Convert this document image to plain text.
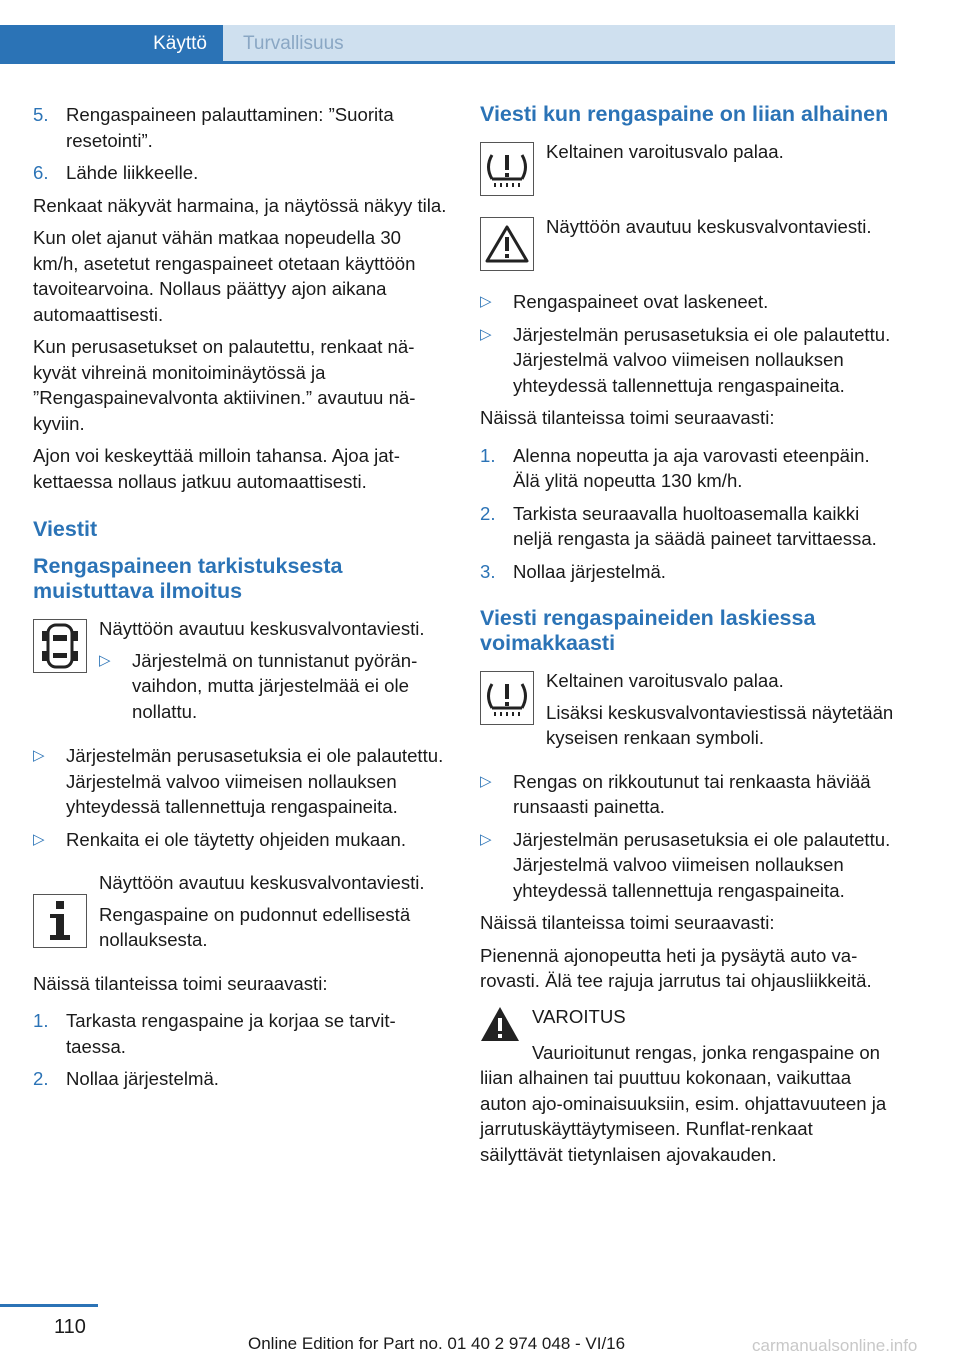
Käyttö	Turvallisuus
5. Rengaspaineen palauttaminen: ”Suorita resetointi”.

6. Lähde liikkeelle.

Renkaat näkyvät harmaina, ja näytössä näkyy tila.

Kun olet ajanut vähän matkaa nopeudella 30 km/h, asetetut rengaspaineet otetaan käyttöön tavoitearvoina. Nollaus päättyy ajon aikana automaattisesti.

Kun perusasetukset on palautettu, renkaat näkyvät vihreinä monitoiminäytössä ja ”Rengaspainevalvonta aktiivinen.” avautuu näkyviin.

Ajon voi keskeyttää milloin tahansa. Ajoa jatkettaessa nollaus jatkuu automaattisesti.

Viestit
Rengaspaineen tarkistuksesta muistuttava ilmoitus

Näyttöön avautuu keskusvalvontaviesti.

▷	Järjestelmä on tunnistanut pyöränvaihdon, mutta järjestelmää ei ole nollattu.

▷	Järjestelmän perusasetuksia ei ole palautettu. Järjestelmä valvoo viimeisen nollauksen yhteydessä tallennettuja rengaspaineita.

▷	Renkaita ei ole täytetty ohjeiden mukaan.

Näyttöön avautuu keskusvalvontaviesti.

Rengaspaine on pudonnut edellisestä nollauksesta.

Näissä tilanteissa toimi seuraavasti:

1. Tarkasta rengaspaine ja korjaa se tarvittaessa.

2. Nollaa järjestelmä.

Viesti kun rengaspaine on liian alhainen

Keltainen varoitusvalo palaa.

Näyttöön avautuu keskusvalvontaviesti.

▷	Rengaspaineet ovat laskeneet.

▷	Järjestelmän perusasetuksia ei ole palautettu. Järjestelmä valvoo viimeisen nollauksen yhteydessä tallennettuja rengaspaineita.

Näissä tilanteissa toimi seuraavasti:

1. Alenna nopeutta ja aja varovasti eteenpäin. Älä ylitä nopeutta 130 km/h.

2. Tarkista seuraavalla huoltoasemalla kaikki neljä rengasta ja säädä paineet tarvittaessa.

3. Nollaa järjestelmä.

Viesti rengaspaineiden laskiessa voimakkaasti

Keltainen varoitusvalo palaa.

Lisäksi keskusvalvontaviestissä näytetään kyseisen renkaan symboli.

▷	Rengas on rikkoutunut tai renkaasta häviää runsaasti painetta.

▷	Järjestelmän perusasetuksia ei ole palautettu. Järjestelmä valvoo viimeisen nollauksen yhteydessä tallennettuja rengaspaineita.

Näissä tilanteissa toimi seuraavasti:

Pienennä ajonopeutta heti ja pysäytä auto varovasti. Älä tee rajuja jarrutus tai ohjausliikkeitä.

VAROITUS

Vaurioitunut rengas, jonka rengaspaine on liian alhainen tai puuttuu kokonaan, vaikuttaa auton ajo-ominaisuuksiin, esim. ohjattavuuteen ja jarrutuskäyttäytymiseen. Runflat-renkaat säilyttävät tietynlaisen ajovakauden.

110
Online Edition for Part no. 01 40 2 974 048 - VI/16	carmanualsonline.info
